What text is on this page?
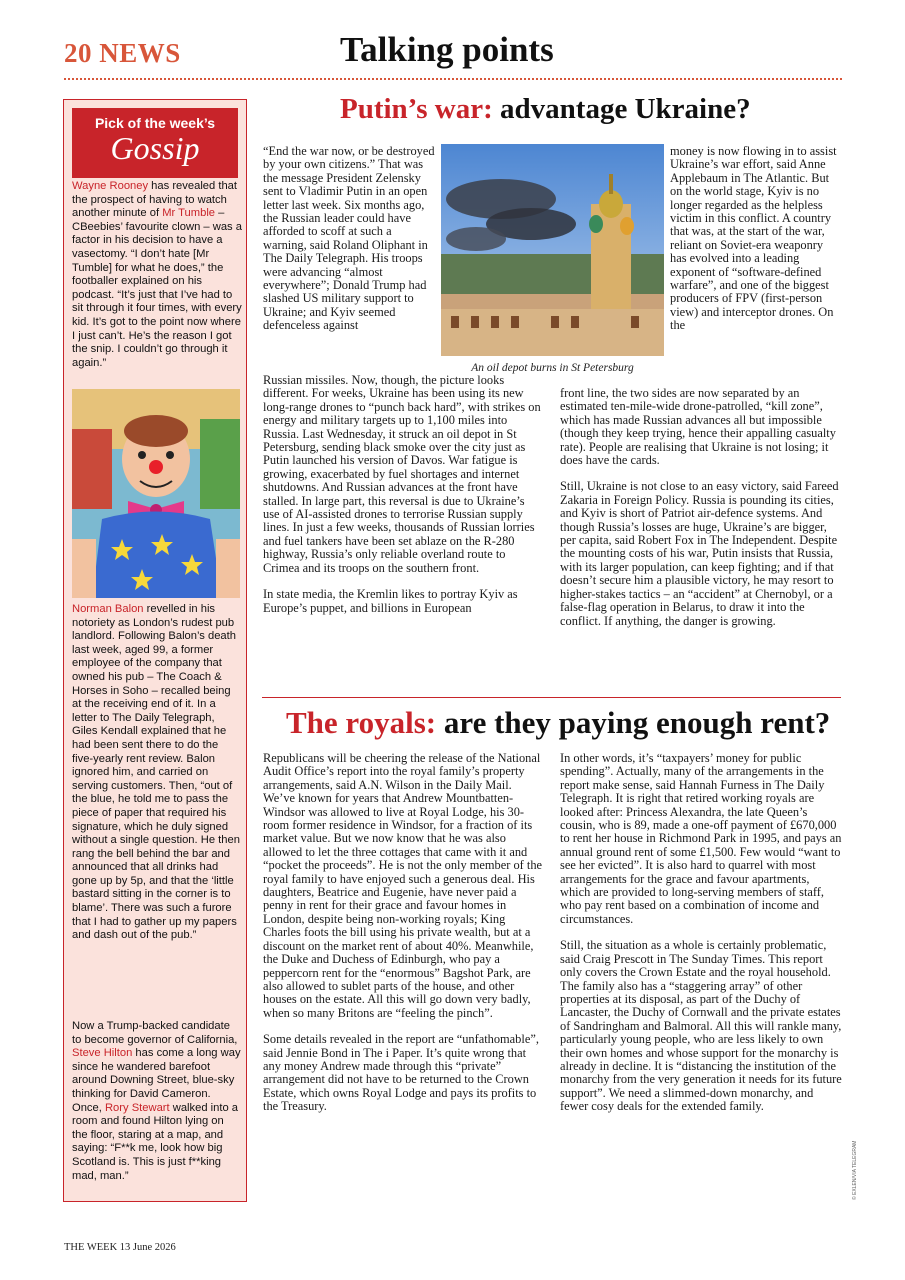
20 NEWS	Talking points
Pick of the week’s
Gossip
Wayne Rooney has revealed that the prospect of having to watch another minute of Mr Tumble – CBeebies’ favourite clown – was a factor in his decision to have a vasectomy. “I don’t hate [Mr Tumble] for what he does,” the footballer explained on his podcast. “It’s just that I’ve had to sit through it four times, with every kid. It’s got to the point now where I just can’t. He’s the reason I got the snip. I couldn’t go through it again.”
Norman Balon revelled in his notoriety as London’s rudest pub landlord. Following Balon’s death last week, aged 99, a former employee of the company that owned his pub – The Coach & Horses in Soho – recalled being at the receiving end of it. In a letter to The Daily Telegraph, Giles Kendall explained that he had been sent there to do the five-yearly rent review. Balon ignored him, and carried on serving customers. Then, “out of the blue, he told me to pass the piece of paper that required his signature, which he duly signed without a single question. He then rang the bell behind the bar and announced that all drinks had gone up by 5p, and that the ‘little bastard sitting in the corner is to blame’. There was such a furore that I had to gather up my papers and dash out of the pub.”
Now a Trump-backed candidate to become governor of California, Steve Hilton has come a long way since he wandered barefoot around Downing Street, blue-sky thinking for David Cameron. Once, Rory Stewart walked into a room and found Hilton lying on the floor, staring at a map, and saying: “F**k me, look how big Scotland is. This is just f**king mad, man.”
Putin’s war: advantage Ukraine?
An oil depot burns in St Petersburg

“End the war now, or be destroyed by your own citizens.” That was the message President Zelensky sent to Vladimir Putin in an open letter last week. Six months ago, the Russian leader could have afforded to scoff at such a warning, said Roland Oliphant in The Daily Telegraph. His troops were advancing “almost everywhere”; Donald Trump had slashed US military support to Ukraine; and Kyiv seemed defenceless against

Russian missiles. Now, though, the picture looks different. For weeks, Ukraine has been using its new long-range drones to “punch back hard”, with strikes on energy and military targets up to 1,100 miles into Russia. Last Wednesday, it struck an oil depot in St Petersburg, sending black smoke over the city just as Putin launched his version of Davos. War fatigue is growing, exacerbated by fuel shortages and internet shutdowns. And Russian advances at the front have stalled. In large part, this reversal is due to Ukraine’s use of AI-assisted drones to terrorise Russian supply lines. In just a few weeks, thousands of Russian lorries and fuel tankers have been set ablaze on the R-280 highway, Russia’s only reliable overland route to Crimea and its troops on the southern front.

In state media, the Kremlin likes to portray Kyiv as Europe’s puppet, and billions in European

money is now flowing in to assist Ukraine’s war effort, said Anne Applebaum in The Atlantic. But on the world stage, Kyiv is no longer regarded as the helpless victim in this conflict. A country that was, at the start of the war, reliant on Soviet-era weaponry has evolved into a leading exponent of “software-defined warfare”, and one of the biggest producers of FPV (first-person view) and interceptor drones. On the

front line, the two sides are now separated by an estimated ten-mile-wide drone-patrolled, “kill zone”, which has made Russian advances all but impossible (though they keep trying, hence their appalling casualty rate). People are realising that Ukraine is not losing; it does have the cards.

Still, Ukraine is not close to an easy victory, said Fareed Zakaria in Foreign Policy. Russia is pounding its cities, and Kyiv is short of Patriot air-defence systems. And though Russia’s losses are huge, Ukraine’s are bigger, per capita, said Robert Fox in The Independent. Despite the mounting costs of his war, Putin insists that Russia, with its larger population, can keep fighting; and if that doesn’t secure him a plausible victory, he may resort to higher-stakes tactics – an “accident” at Chernobyl, or a false-flag operation in Belarus, to draw it into the conflict. If anything, the danger is growing.

The royals: are they paying enough rent?

Republicans will be cheering the release of the National Audit Office’s report into the royal family’s property arrangements, said A.N. Wilson in the Daily Mail. We’ve known for years that Andrew Mountbatten-Windsor was allowed to live at Royal Lodge, his 30-room former residence in Windsor, for a fraction of its market value. But we now know that he was also allowed to let the three cottages that came with it and “pocket the proceeds”. He is not the only member of the royal family to have enjoyed such a generous deal. His daughters, Beatrice and Eugenie, have never paid a penny in rent for their grace and favour homes in London, despite being non-working royals; King Charles foots the bill using his private wealth, but at a discount on the market rent of about 40%. Meanwhile, the Duke and Duchess of Edinburgh, who pay a peppercorn rent for the “enormous” Bagshot Park, are also allowed to sublet parts of the house, and other houses on the estate. All this will go down very badly, when so many Britons are “feeling the pinch”.

Some details revealed in the report are “unfathomable”, said Jennie Bond in The i Paper. It’s quite wrong that any money Andrew made through this “private” arrangement did not have to be returned to the Crown Estate, which owns Royal Lodge and pays its profits to the Treasury.

In other words, it’s “taxpayers’ money for public spending”. Actually, many of the arrangements in the report make sense, said Hannah Furness in The Daily Telegraph. It is right that retired working royals are looked after: Princess Alexandra, the late Queen’s cousin, who is 89, made a one-off payment of £670,000 to rent her house in Richmond Park in 1995, and pays an annual ground rent of some £1,500. Few would “want to see her evicted”. It is also hard to quarrel with most arrangements for the grace and favour apartments, which are provided to long-serving members of staff, who pay rent based on a combination of income and circumstances.

Still, the situation as a whole is certainly problematic, said Craig Prescott in The Sunday Times. This report only covers the Crown Estate and the royal household. The family also has a “staggering array” of other properties at its disposal, as part of the Duchy of Lancaster, the Duchy of Cornwall and the private estates of Sandringham and Balmoral. All this will rankle many, particularly young people, who are less likely to own their own homes and whose support for the monarchy is already in decline. It is “distancing the institution of the monarchy from the very generation it needs for its future support”. We need a slimmed-down monarchy, and fewer cosy deals for the extended family.

© EXLEN/VIA TELEGRAM
THE WEEK 13 June 2026
